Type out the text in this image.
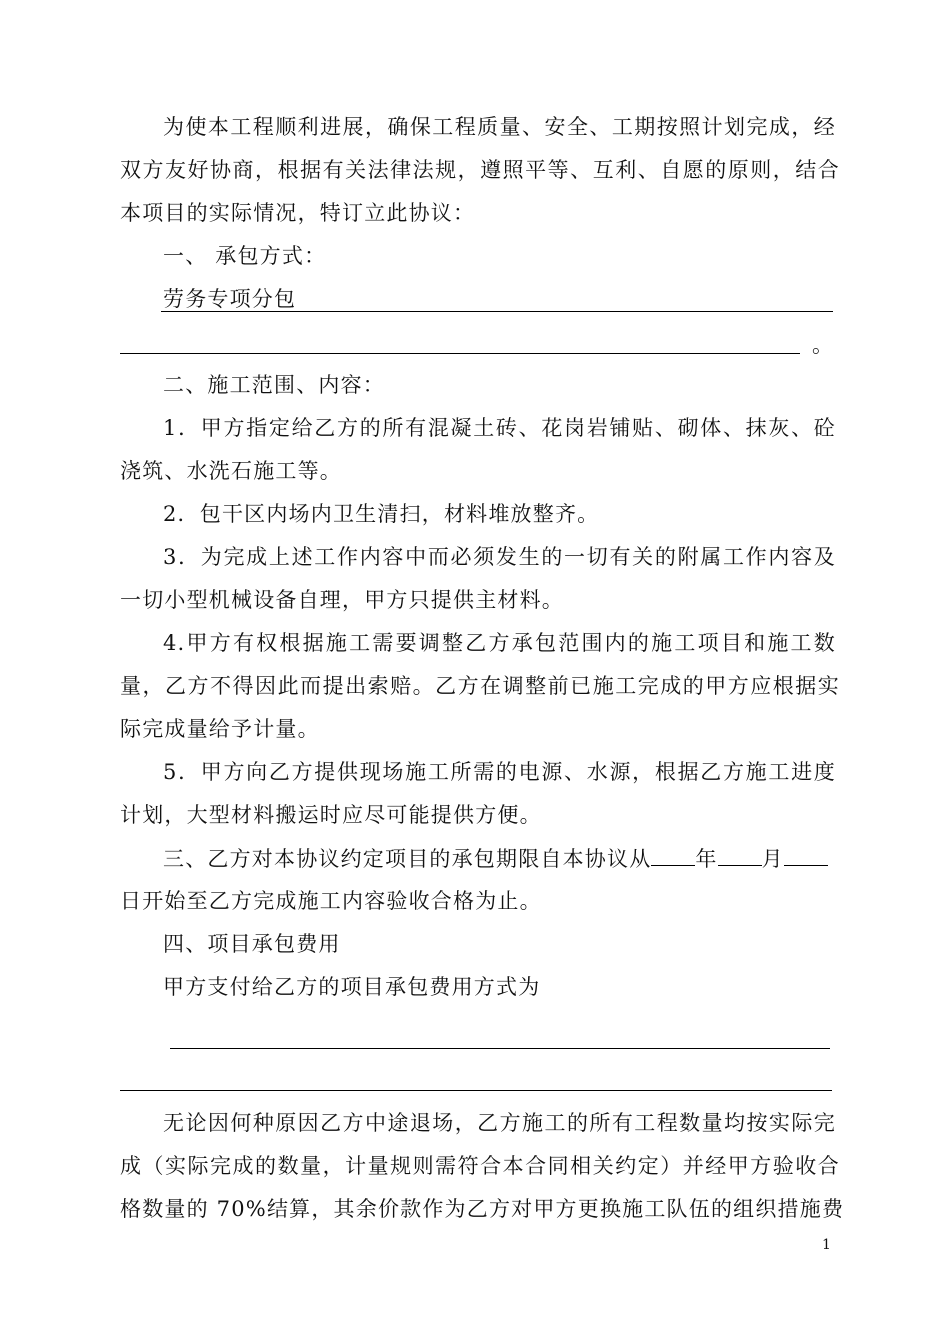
为使本工程顺利进展，确保工程质量、安全、工期按照计划完成，经
双方友好协商，根据有关法律法规，遵照平等、互利、自愿的原则，结合
本项目的实际情况，特订立此协议：
一、 承包方式：
劳务专项分包
。
二、施工范围、内容：
1．甲方指定给乙方的所有混凝土砖、花岗岩铺贴、砌体、抹灰、砼
浇筑、水洗石施工等。
2．包干区内场内卫生清扫，材料堆放整齐。
3．为完成上述工作内容中而必须发生的一切有关的附属工作内容及
一切小型机械设备自理，甲方只提供主材料。
4.甲方有权根据施工需要调整乙方承包范围内的施工项目和施工数
量，乙方不得因此而提出索赔。乙方在调整前已施工完成的甲方应根据实
际完成量给予计量。
5．甲方向乙方提供现场施工所需的电源、水源，根据乙方施工进度
计划，大型材料搬运时应尽可能提供方便。
三、乙方对本协议约定项目的承包期限自本协议从 年 月
日开始至乙方完成施工内容验收合格为止。
四、项目承包费用
甲方支付给乙方的项目承包费用方式为
无论因何种原因乙方中途退场，乙方施工的所有工程数量均按实际完
成（实际完成的数量，计量规则需符合本合同相关约定）并经甲方验收合
格数量的 70%结算，其余价款作为乙方对甲方更换施工队伍的组织措施费
1
